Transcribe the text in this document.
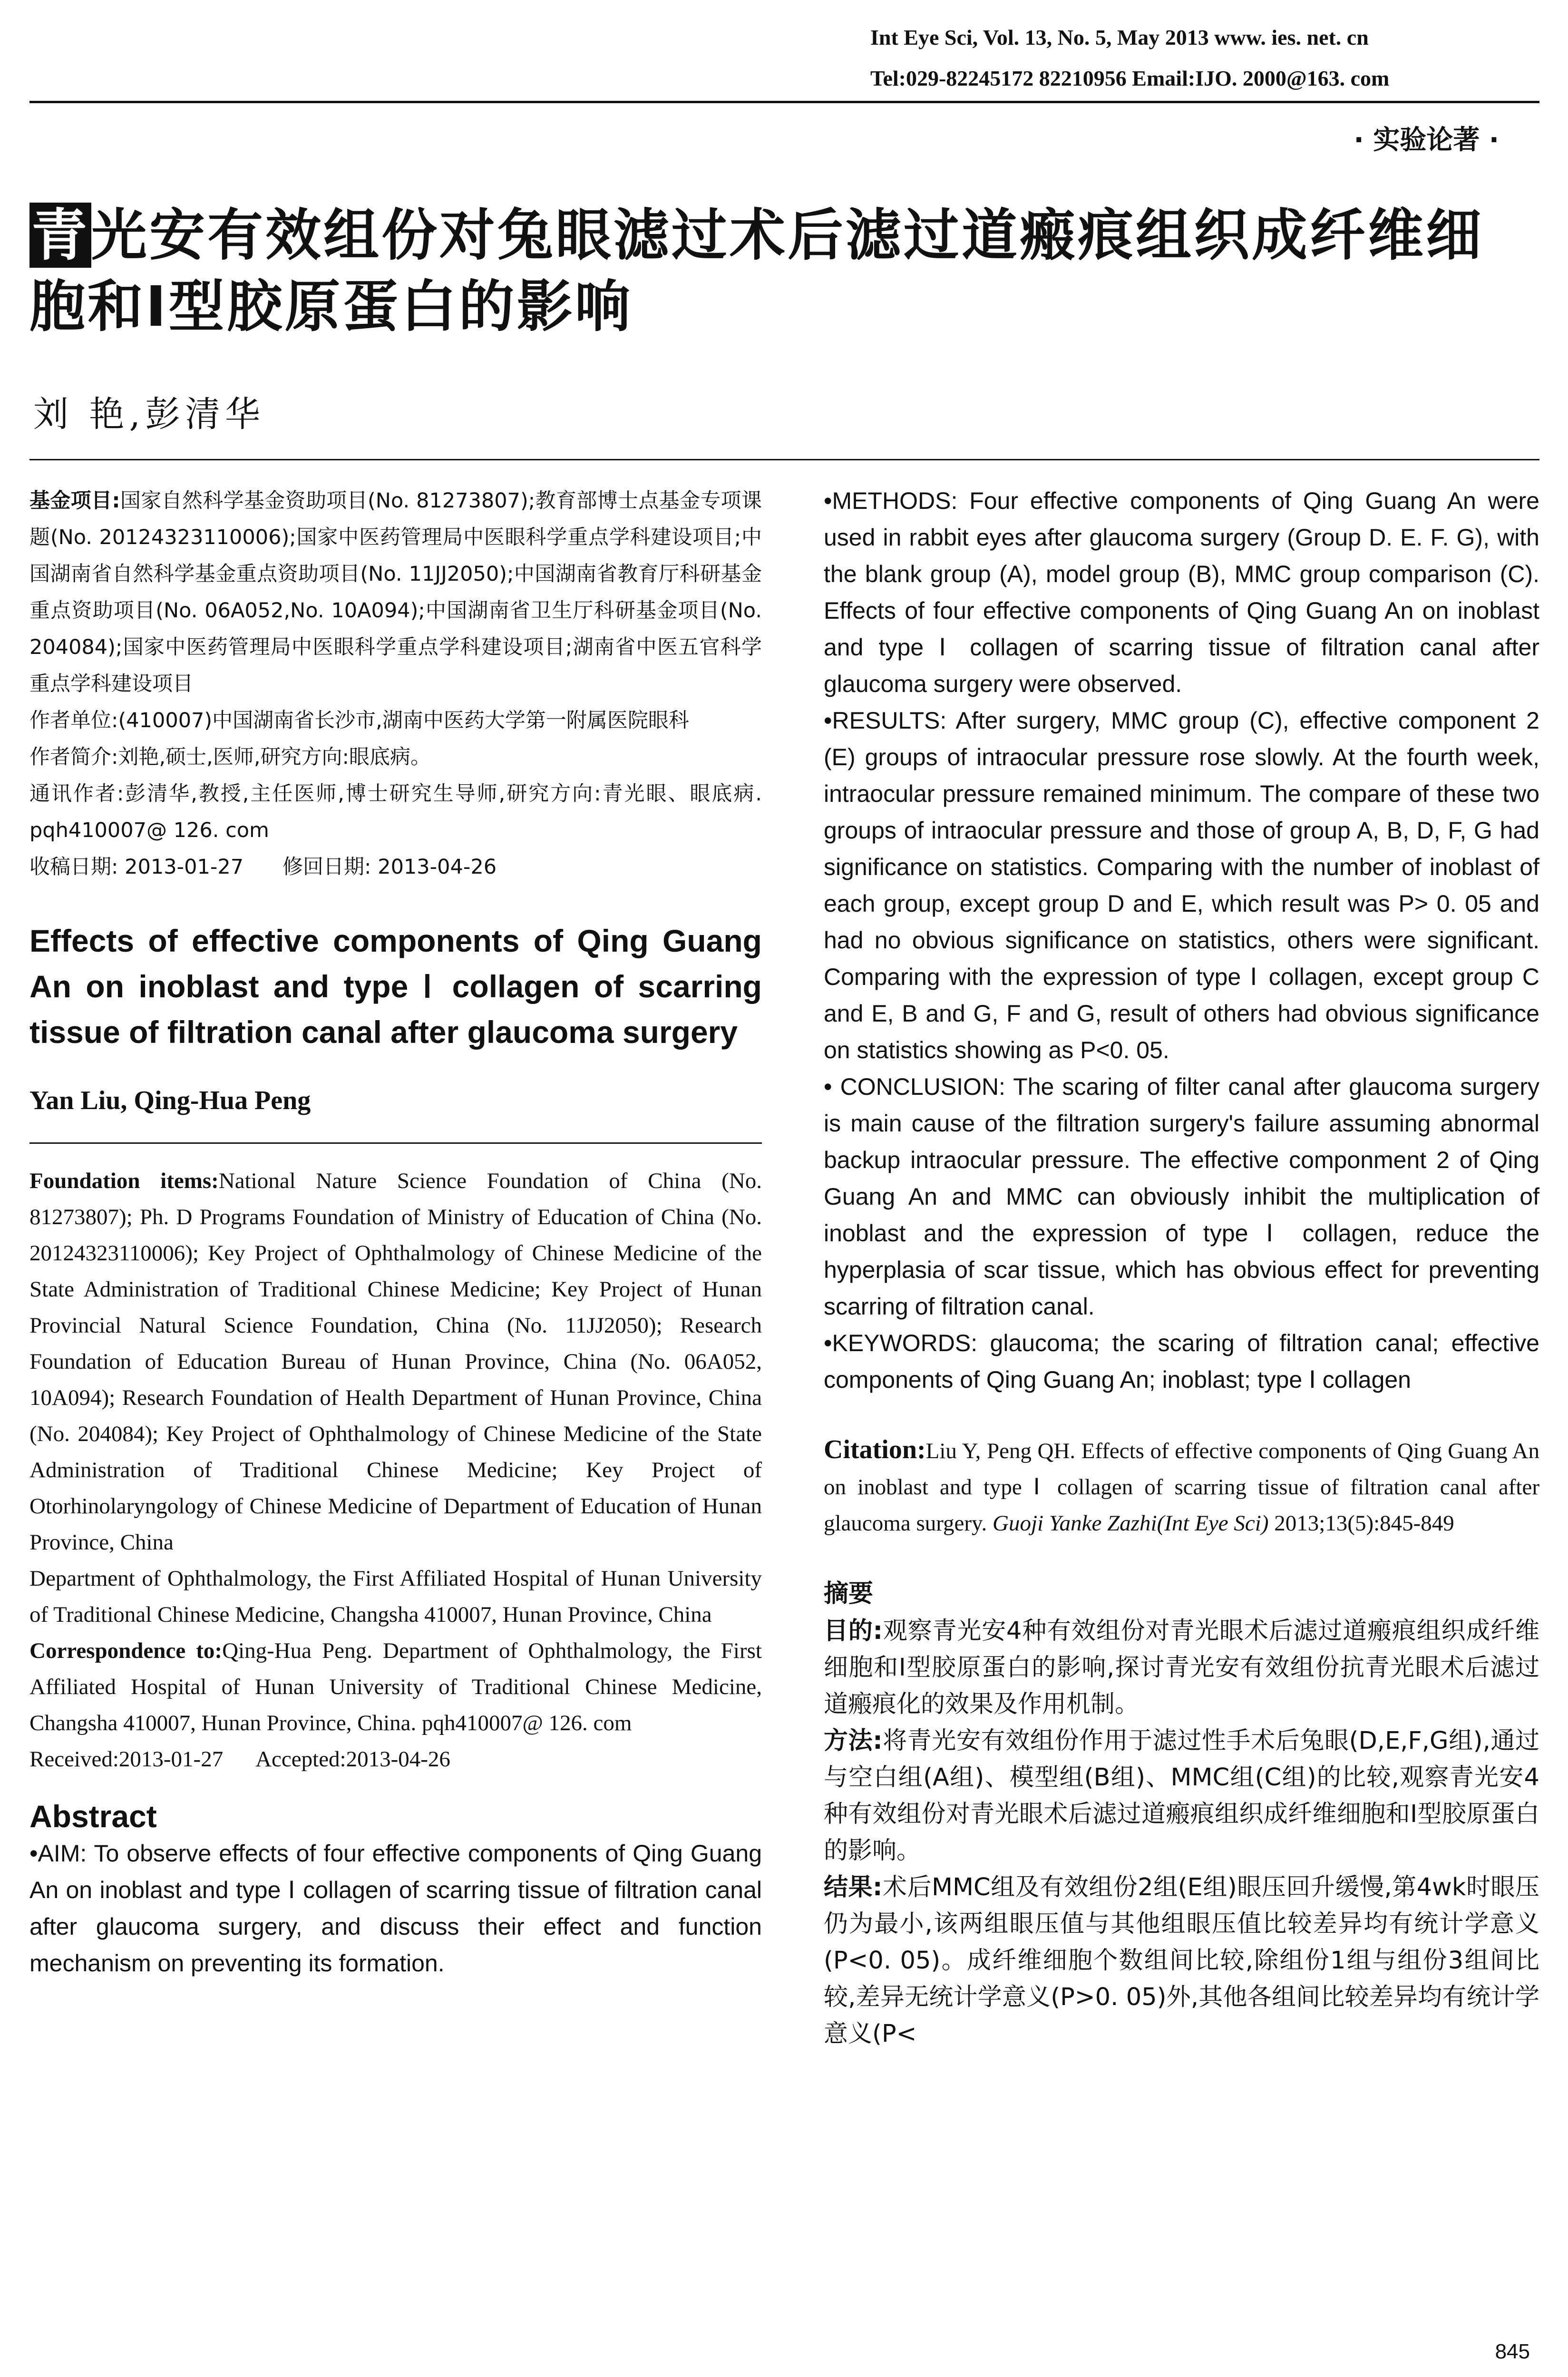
Int Eye Sci, Vol. 13, No. 5, May 2013 www. ies. net. cn
Tel:029-82245172 82210956 Email:IJO. 2000@163. com
· 实验论著 ·
青光安有效组份对兔眼滤过术后滤过道瘢痕组织成纤维细胞和Ⅰ型胶原蛋白的影响
刘 艳,彭清华
基金项目:国家自然科学基金资助项目(No. 81273807);教育部博士点基金专项课题(No. 20124323110006);国家中医药管理局中医眼科学重点学科建设项目;中国湖南省自然科学基金重点资助项目(No. 11JJ2050);中国湖南省教育厅科研基金重点资助项目(No. 06A052,No. 10A094);中国湖南省卫生厅科研基金项目(No. 204084);国家中医药管理局中医眼科学重点学科建设项目;湖南省中医五官科学重点学科建设项目
作者单位:(410007)中国湖南省长沙市,湖南中医药大学第一附属医院眼科
作者简介:刘艳,硕士,医师,研究方向:眼底病。
通讯作者:彭清华,教授,主任医师,博士研究生导师,研究方向:青光眼、眼底病. pqh410007@ 126. com
收稿日期: 2013-01-27      修回日期: 2013-04-26
Effects of effective components of Qing Guang An on inoblast and type Ⅰ collagen of scarring tissue of filtration canal after glaucoma surgery
Yan Liu, Qing-Hua Peng
Foundation items:National Nature Science Foundation of China (No. 81273807); Ph. D Programs Foundation of Ministry of Education of China (No. 20124323110006); Key Project of Ophthalmology of Chinese Medicine of the State Administration of Traditional Chinese Medicine; Key Project of Hunan Provincial Natural Science Foundation, China (No. 11JJ2050); Research Foundation of Education Bureau of Hunan Province, China (No. 06A052, 10A094); Research Foundation of Health Department of Hunan Province, China (No. 204084); Key Project of Ophthalmology of Chinese Medicine of the State Administration of Traditional Chinese Medicine; Key Project of Otorhinolaryngology of Chinese Medicine of Department of Education of Hunan Province, China
Department of Ophthalmology, the First Affiliated Hospital of Hunan University of Traditional Chinese Medicine, Changsha 410007, Hunan Province, China
Correspondence to:Qing-Hua Peng. Department of Ophthalmology, the First Affiliated Hospital of Hunan University of Traditional Chinese Medicine, Changsha 410007, Hunan Province, China. pqh410007@ 126. com
Received:2013-01-27      Accepted:2013-04-26
Abstract
•AIM: To observe effects of four effective components of Qing Guang An on inoblast and type Ⅰ collagen of scarring tissue of filtration canal after glaucoma surgery, and discuss their effect and function mechanism on preventing its formation.
•METHODS: Four effective components of Qing Guang An were used in rabbit eyes after glaucoma surgery (Group D. E. F. G), with the blank group (A), model group (B), MMC group comparison (C). Effects of four effective components of Qing Guang An on inoblast and type Ⅰ collagen of scarring tissue of filtration canal after glaucoma surgery were observed.
•RESULTS: After surgery, MMC group (C), effective component 2 (E) groups of intraocular pressure rose slowly. At the fourth week, intraocular pressure remained minimum. The compare of these two groups of intraocular pressure and those of group A, B, D, F, G had significance on statistics. Comparing with the number of inoblast of each group, except group D and E, which result was P> 0. 05 and had no obvious significance on statistics, others were significant. Comparing with the expression of type Ⅰ collagen, except group C and E, B and G, F and G, result of others had obvious significance on statistics showing as P<0. 05.
• CONCLUSION: The scaring of filter canal after glaucoma surgery is main cause of the filtration surgery's failure assuming abnormal backup intraocular pressure. The effective componment 2 of Qing Guang An and MMC can obviously inhibit the multiplication of inoblast and the expression of type Ⅰ collagen, reduce the hyperplasia of scar tissue, which has obvious effect for preventing scarring of filtration canal.
•KEYWORDS: glaucoma; the scaring of filtration canal; effective components of Qing Guang An; inoblast; type Ⅰ collagen
Citation:Liu Y, Peng QH. Effects of effective components of Qing Guang An on inoblast and type Ⅰ collagen of scarring tissue of filtration canal after glaucoma surgery. Guoji Yanke Zazhi(Int Eye Sci) 2013;13(5):845-849
摘要
目的:观察青光安4种有效组份对青光眼术后滤过道瘢痕组织成纤维细胞和Ⅰ型胶原蛋白的影响,探讨青光安有效组份抗青光眼术后滤过道瘢痕化的效果及作用机制。
方法:将青光安有效组份作用于滤过性手术后兔眼(D,E,F,G组),通过与空白组(A组)、模型组(B组)、MMC组(C组)的比较,观察青光安4种有效组份对青光眼术后滤过道瘢痕组织成纤维细胞和Ⅰ型胶原蛋白的影响。
结果:术后MMC组及有效组份2组(E组)眼压回升缓慢,第4wk时眼压仍为最小,该两组眼压值与其他组眼压值比较差异均有统计学意义(P<0. 05)。成纤维细胞个数组间比较,除组份1组与组份3组间比较,差异无统计学意义(P>0. 05)外,其他各组间比较差异均有统计学意义(P<
845
